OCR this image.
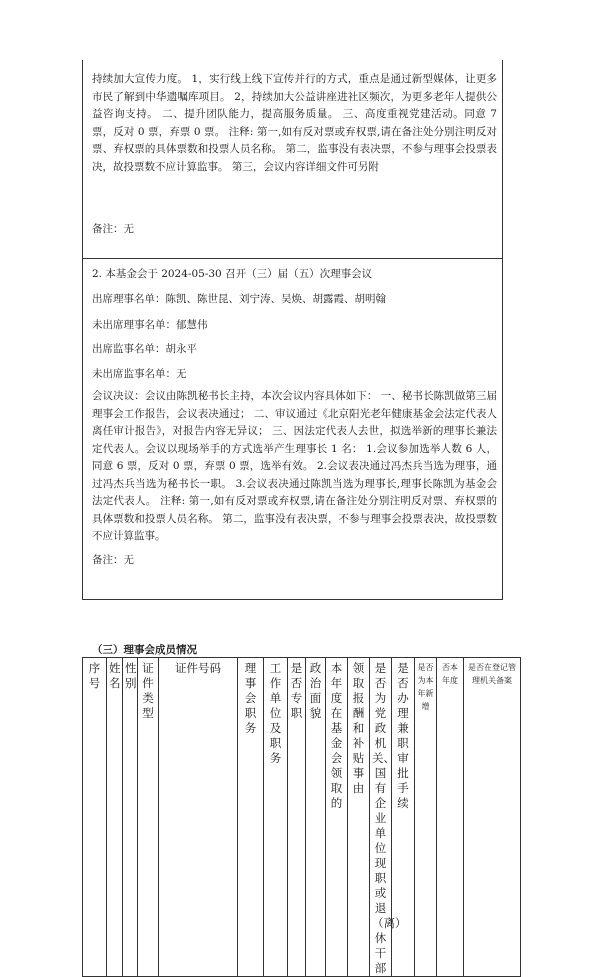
持续加大宣传力度。 1，实行线上线下宣传并行的方式，重点是通过新型媒体，让更多市民了解到中华遗嘱库项目。 2，持续加大公益讲座进社区频次，为更多老年人提供公益咨询支持。 二、提升团队能力，提高服务质量。 三、高度重视党建活动。同意 7 票，反对 0 票，弃票 0 票。 注释: 第一,如有反对票或弃权票,请在备注处分别注明反对票、弃权票的具体票数和投票人员名称。 第二，监事没有表决票，不参与理事会投票表决，故投票数不应计算监事。 第三，会议内容详细文件可另附
备注：无
2. 本基金会于 2024-05-30 召开（三）届（五）次理事会议
出席理事名单：陈凯、陈世昆、刘宁涛、吴焕、胡露霞、胡明翰
未出席理事名单：郁慧伟
出席监事名单：胡永平
未出席监事名单：无
会议决议：会议由陈凯秘书长主持，本次会议内容具体如下： 一、秘书长陈凯做第三届理事会工作报告，会议表决通过； 二、审议通过《北京阳光老年健康基金会法定代表人离任审计报告》，对报告内容无异议； 三、因法定代表人去世，拟选举新的理事长兼法定代表人。会议以现场举手的方式选举产生理事长 1 名： 1.会议参加选举人数 6 人，同意 6 票，反对 0 票，弃票 0 票，选举有效。 2.会议表决通过冯杰兵当选为理事，通过冯杰兵当选为秘书长一职。 3.会议表决通过陈凯当选为理事长,理事长陈凯为基金会法定代表人。 注释: 第一,如有反对票或弃权票,请在备注处分别注明反对票、弃权票的具体票数和投票人员名称。 第二，监事没有表决票，不参与理事会投票表决，故投票数不应计算监事。
备注：无
（三）理事会成员情况
序号	姓名	性别	证件类型	证件号码	理事会职务	工作单位及职务	是否专职	政治面貌	本年度在基金会领取的	领取报酬和补贴事由	是否为党政机关、国有企业单位现职或退（离）休干部	是否办理兼职审批手续	是否为本年新增	否本年度	是否在登记管理机关备案
